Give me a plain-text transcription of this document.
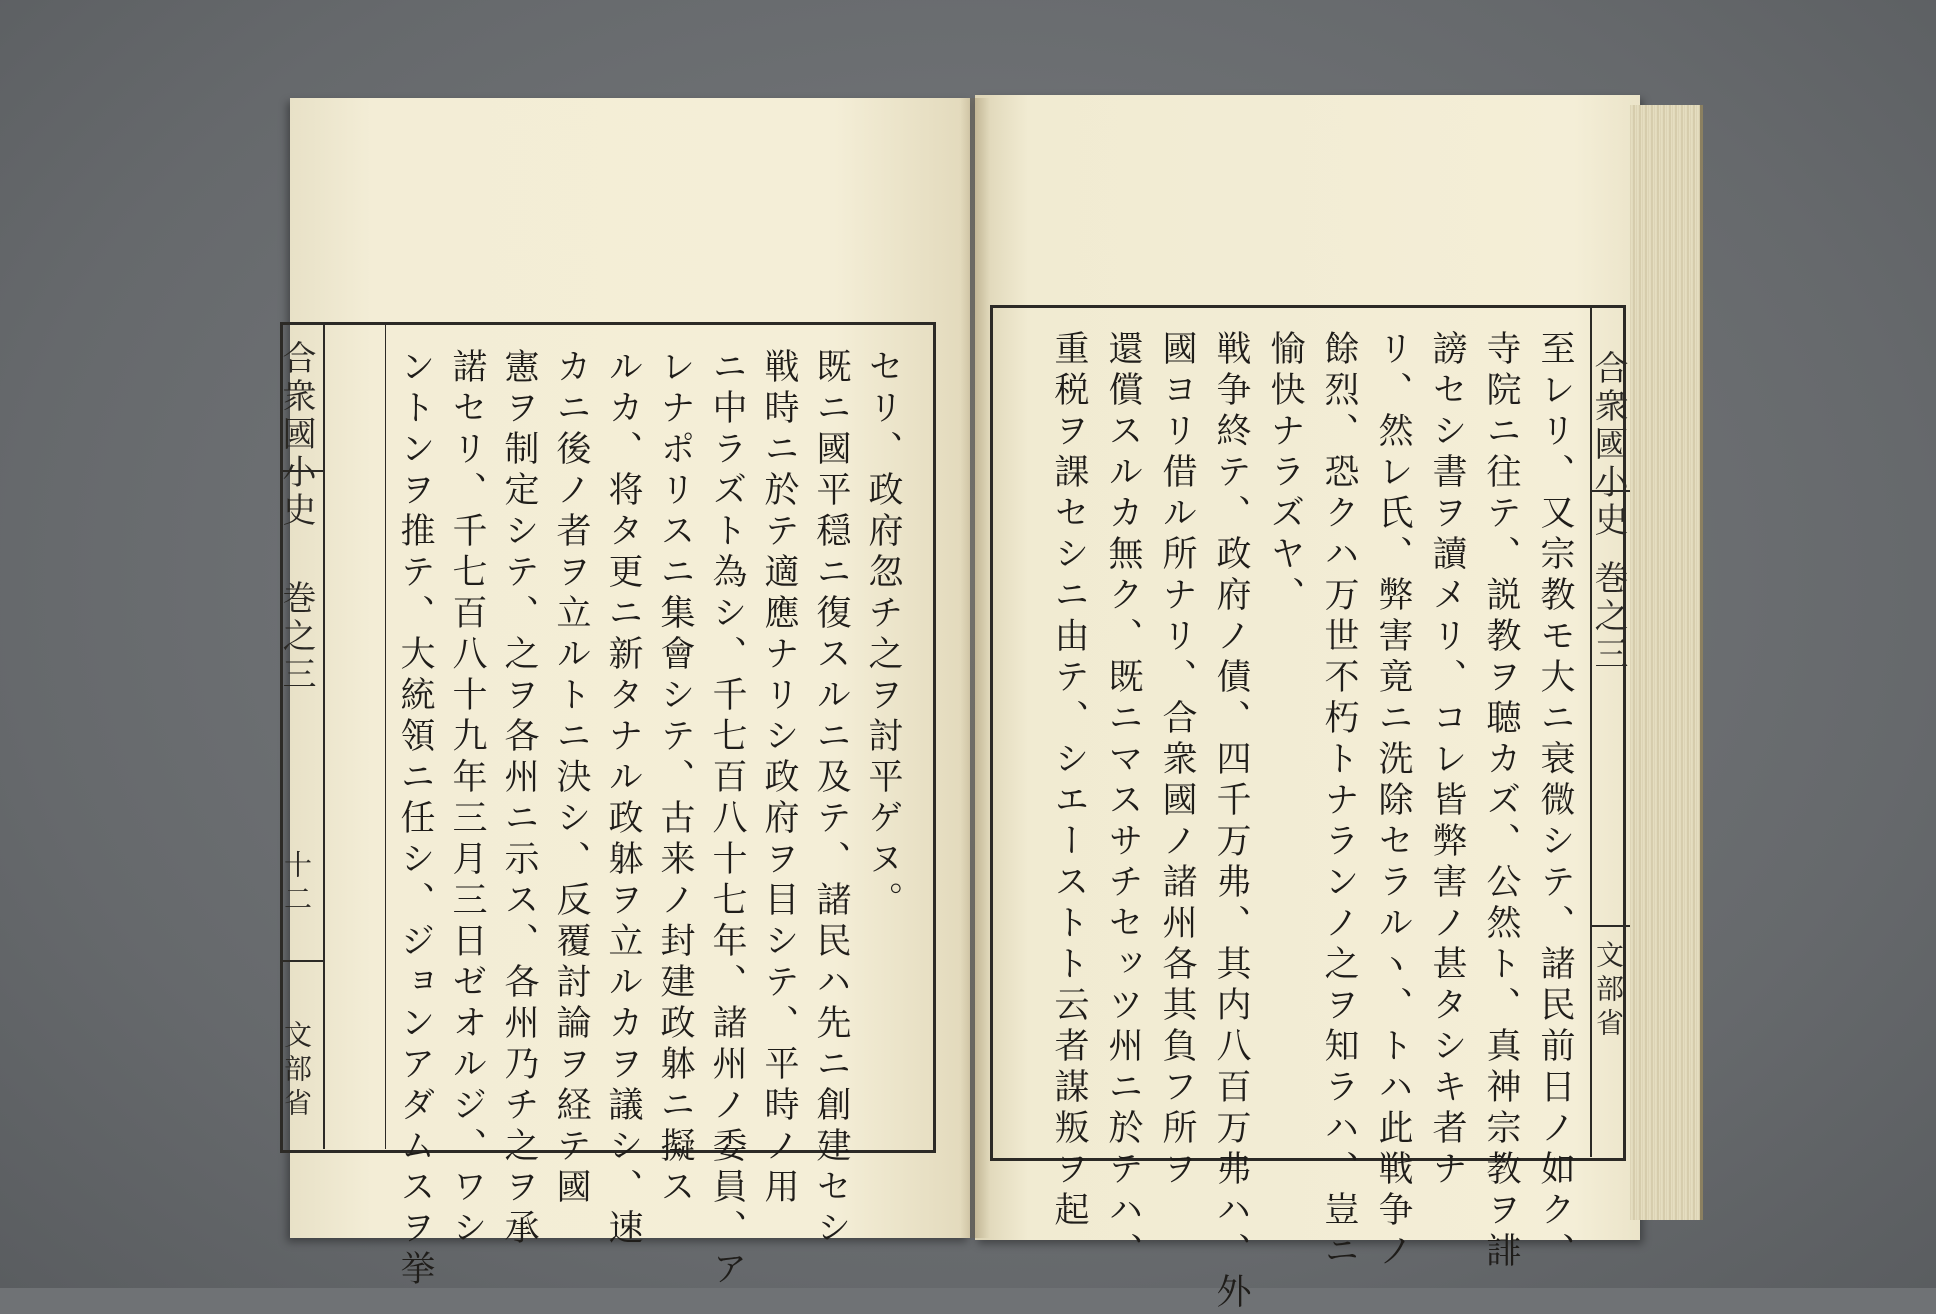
合衆國小史
巻之三
十二
文部省
セリ、政府忽チ之ヲ討平ゲヌ。
既ニ國平穏ニ復スルニ及テ、諸民ハ先ニ創建セシ
戦時ニ於テ適應ナリシ政府ヲ目シテ、平時ノ用
ニ中ラズト為シ、千七百八十七年、諸州ノ委員、ア
レナポリスニ集會シテ、古来ノ封建政躰ニ擬ス
ルカ、将タ更ニ新タナル政躰ヲ立ルカヲ議シ、速
カニ後ノ者ヲ立ルトニ決シ、反覆討論ヲ経テ國
憲ヲ制定シテ、之ヲ各州ニ示ス、各州乃チ之ヲ承
諾セリ、千七百八十九年三月三日ゼオルジ、ワシ
ントンヲ推テ、大統領ニ任シ、ジョンアダムスヲ挙	合衆國小史
巻之三
文部省
至レリ、又宗教モ大ニ衰微シテ、諸民前日ノ如ク、
寺院ニ往テ、説教ヲ聴カズ、公然ト、真神宗教ヲ誹
謗セシ書ヲ讀メリ、コレ皆弊害ノ甚タシキ者ナ
リ、然レ氏、弊害竟ニ洗除セラルヽ、トハ此戦争ノ
餘烈、恐クハ万世不朽トナランノ之ヲ知ラハ、豈ニ
愉快ナラズヤ、
戦争終テ、政府ノ債、四千万弗、其内八百万弗ハ、外
國ヨリ借ル所ナリ、合衆國ノ諸州各其負フ所ヲ
還償スルカ無ク、既ニマスサチセッツ州ニ於テハ、
重税ヲ課セシニ由テ、シエーストト云者謀叛ヲ起
